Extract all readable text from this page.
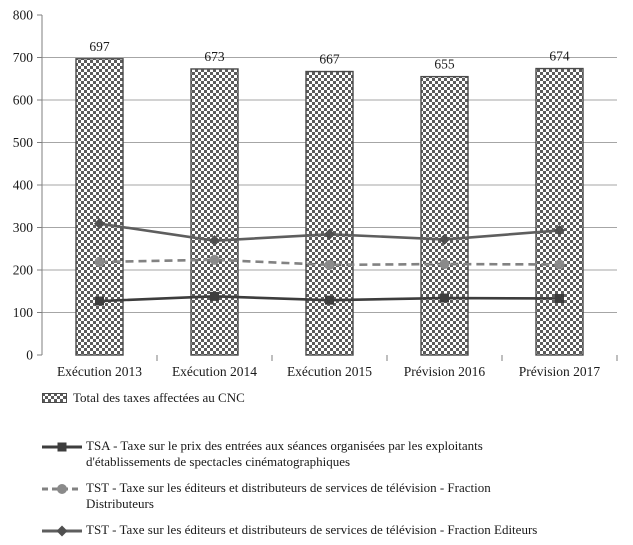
0
100
200
300
400
500
600
700
800
697
673	667	655
674
Exécution 2013 Exécution 2014 Exécution 2015 Prévision 2016 Prévision 2017
Total des taxes affectées au CNC
TSA - Taxe sur le prix des entrées aux séances organisées par les exploitants
d'établissements de spectacles cinématographiques
TST - Taxe sur les éditeurs et distributeurs de services de télévision - Fraction
Distributeurs
TST - Taxe sur les éditeurs et distributeurs de services de télévision - Fraction Editeurs
